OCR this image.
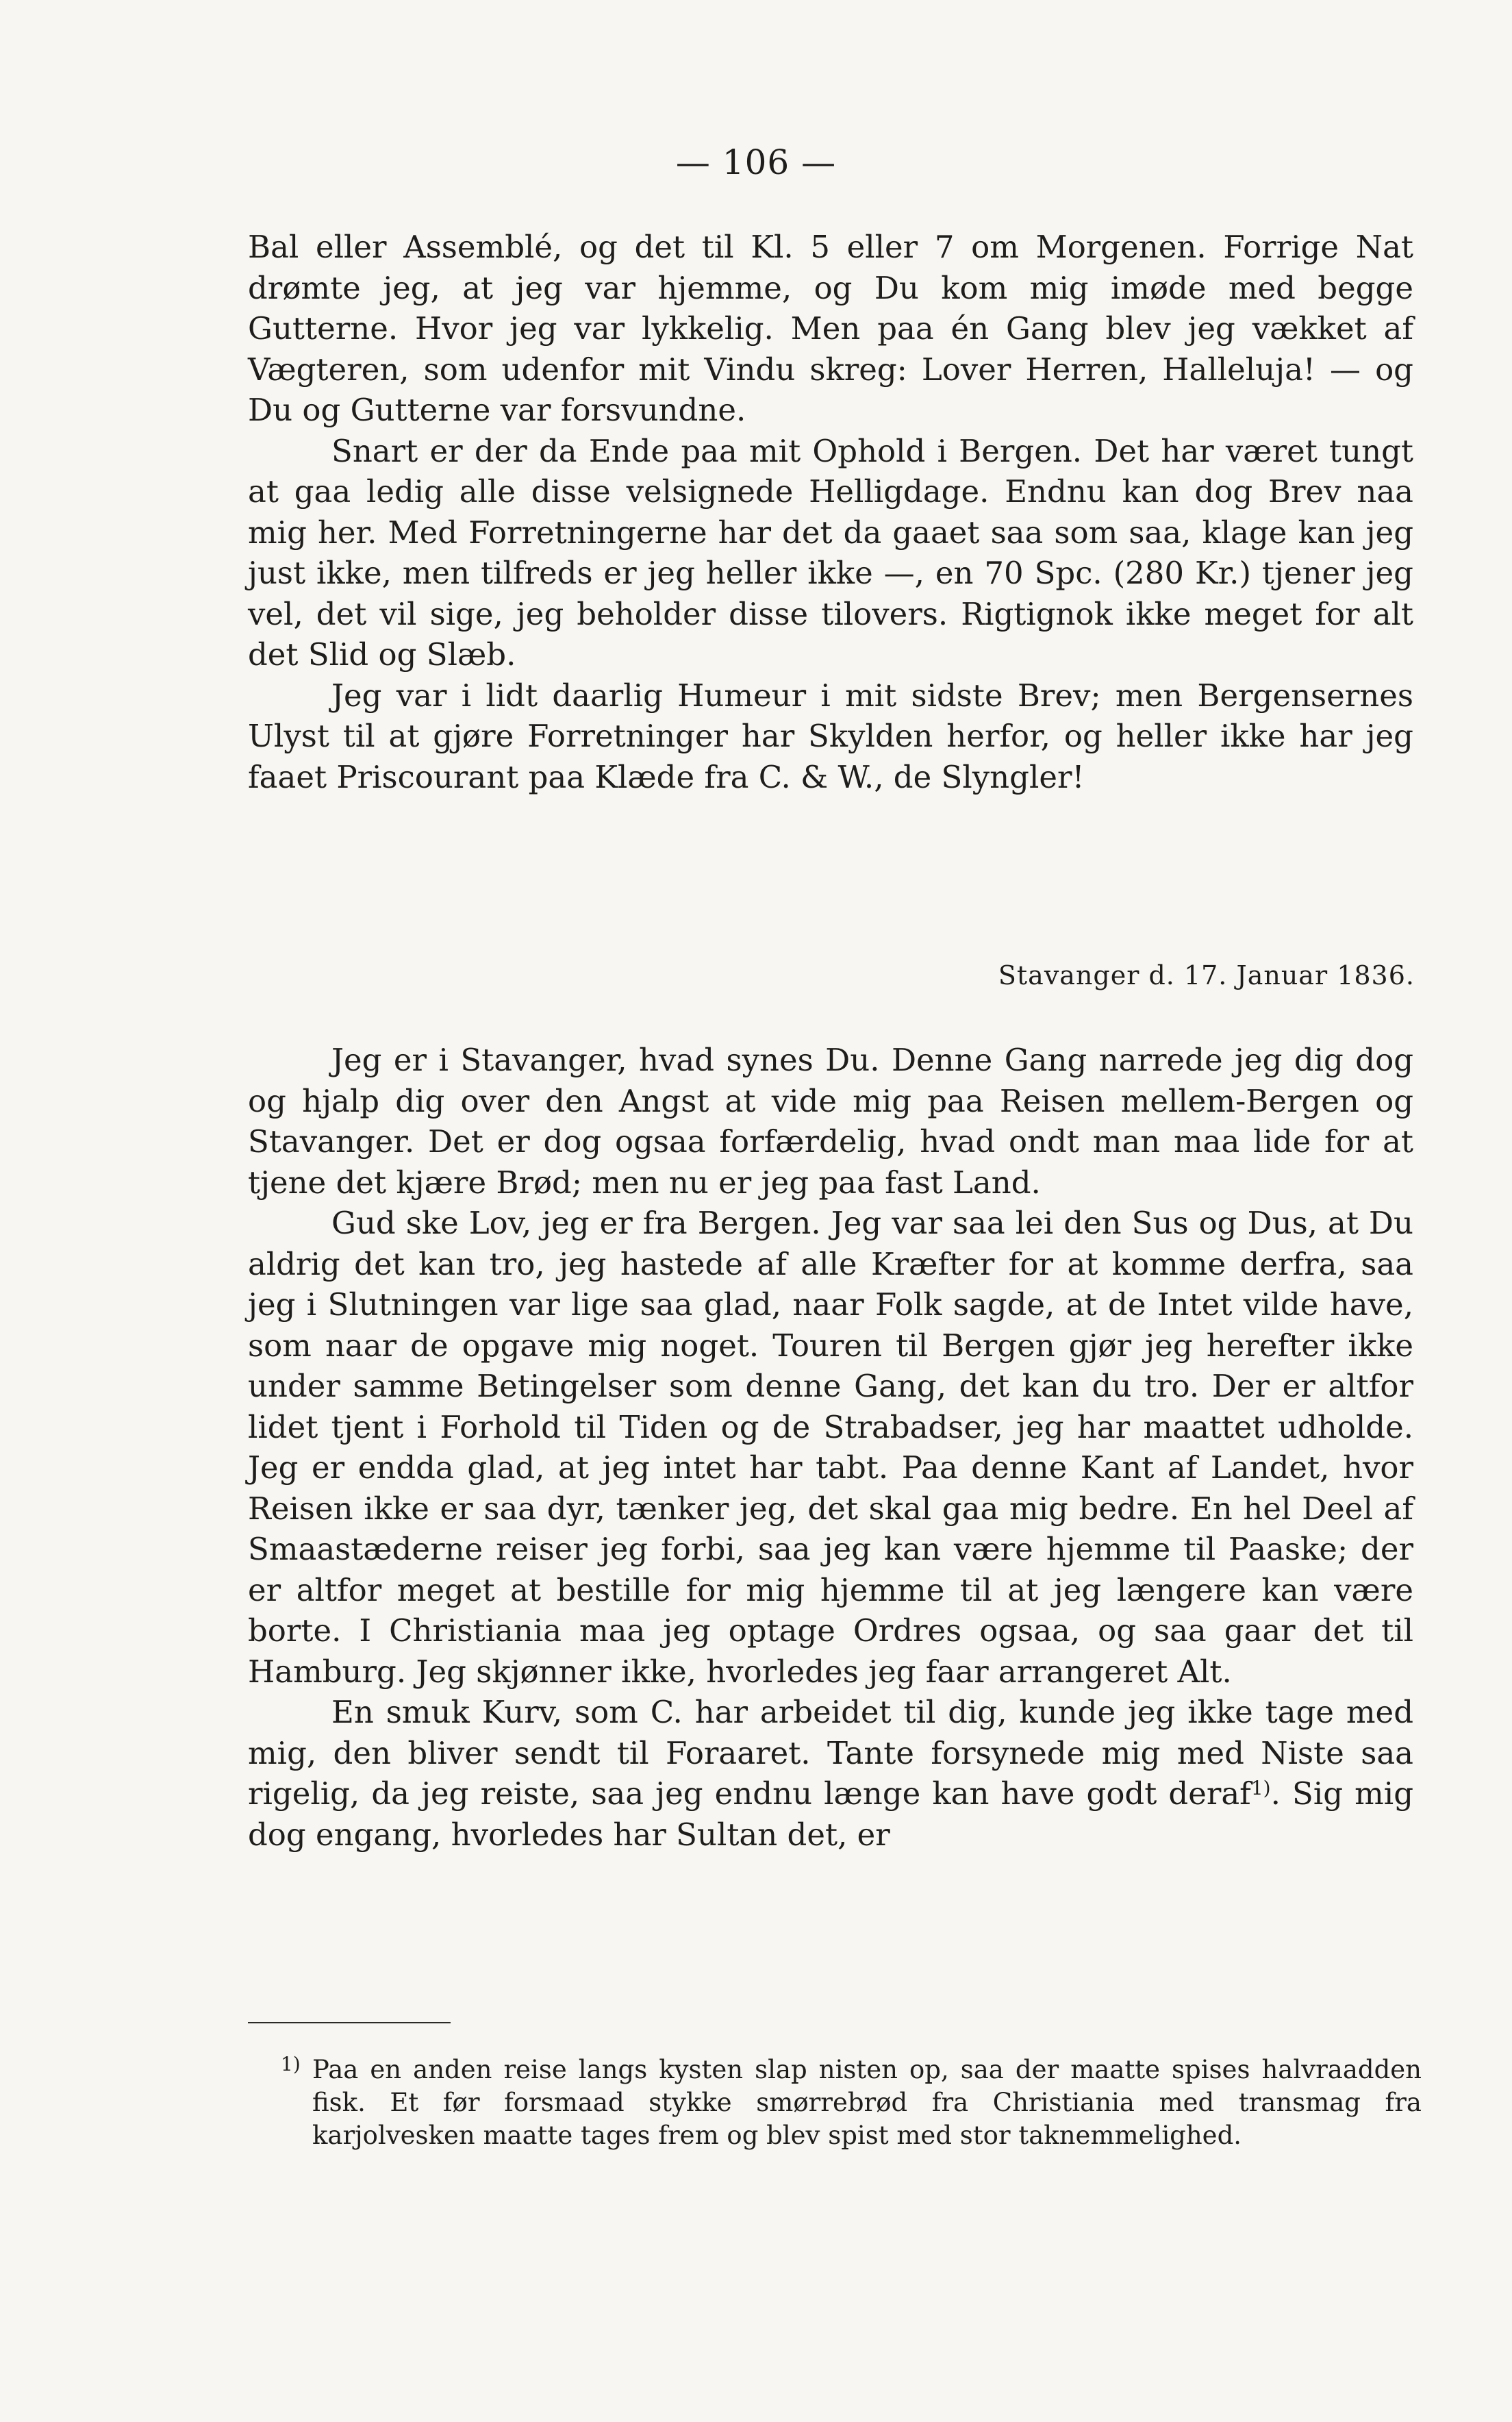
— 106 —

Bal eller Assemblé, og det til Kl. 5 eller 7 om Morgenen. Forrige Nat drømte jeg, at jeg var hjemme, og Du kom mig imøde med begge Gutterne. Hvor jeg var lykkelig. Men paa én Gang blev jeg vækket af Vægteren, som udenfor mit Vindu skreg: Lover Herren, Halleluja! — og Du og Gutterne var forsvundne.

Snart er der da Ende paa mit Ophold i Bergen. Det har været tungt at gaa ledig alle disse velsignede Helligdage. Endnu kan dog Brev naa mig her. Med Forretningerne har det da gaaet saa som saa, klage kan jeg just ikke, men tilfreds er jeg heller ikke —, en 70 Spc. (280 Kr.) tjener jeg vel, det vil sige, jeg beholder disse tilovers. Rigtignok ikke meget for alt det Slid og Slæb.

Jeg var i lidt daarlig Humeur i mit sidste Brev; men Bergensernes Ulyst til at gjøre Forretninger har Skylden herfor, og heller ikke har jeg faaet Priscourant paa Klæde fra C. & W., de Slyngler!

Stavanger d. 17. Januar 1836.

Jeg er i Stavanger, hvad synes Du. Denne Gang narrede jeg dig dog og hjalp dig over den Angst at vide mig paa Reisen mellem-Bergen og Stavanger. Det er dog ogsaa forfærdelig, hvad ondt man maa lide for at tjene det kjære Brød; men nu er jeg paa fast Land.

Gud ske Lov, jeg er fra Bergen. Jeg var saa lei den Sus og Dus, at Du aldrig det kan tro, jeg hastede af alle Kræfter for at komme derfra, saa jeg i Slutningen var lige saa glad, naar Folk sagde, at de Intet vilde have, som naar de opgave mig noget. Touren til Bergen gjør jeg herefter ikke under samme Betingelser som denne Gang, det kan du tro. Der er altfor lidet tjent i Forhold til Tiden og de Strabadser, jeg har maattet udholde. Jeg er endda glad, at jeg intet har tabt. Paa denne Kant af Landet, hvor Reisen ikke er saa dyr, tænker jeg, det skal gaa mig bedre. En hel Deel af Smaastæderne reiser jeg forbi, saa jeg kan være hjemme til Paaske; der er altfor meget at bestille for mig hjemme til at jeg længere kan være borte. I Christiania maa jeg optage Ordres ogsaa, og saa gaar det til Hamburg. Jeg skjønner ikke, hvorledes jeg faar arrangeret Alt.

En smuk Kurv, som C. har arbeidet til dig, kunde jeg ikke tage med mig, den bliver sendt til Foraaret. Tante forsynede mig med Niste saa rigelig, da jeg reiste, saa jeg endnu længe kan have godt deraf$^{1)}$. Sig mig dog engang, hvorledes har Sultan det, er

1) Paa en anden reise langs kysten slap nisten op, saa der maatte spises halvraadden fisk. Et før forsmaad stykke smørrebrød fra Christiania med transmag fra karjolvesken maatte tages frem og blev spist med stor taknemmelighed.
